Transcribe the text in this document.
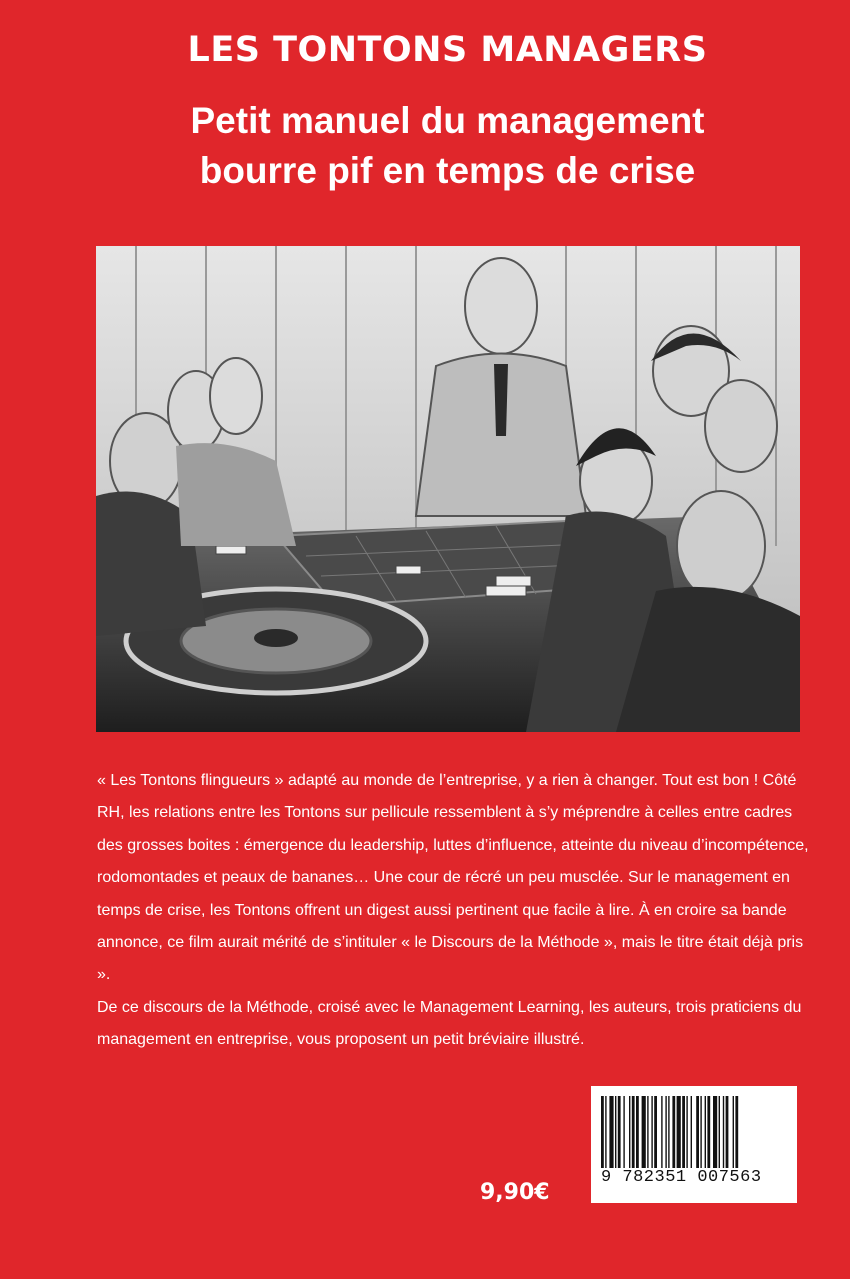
LES TONTONS MANAGERS
Petit manuel du management
bourre pif en temps de crise

« Les Tontons flingueurs » adapté au monde de l’entreprise, y a rien à changer. Tout est bon ! Côté RH, les relations entre les Tontons sur pellicule ressemblent à s’y méprendre à celles entre cadres des grosses boites : émergence du leadership, luttes d’influence, atteinte du niveau d’incompétence, rodomontades et peaux de bananes… Une cour de récré un peu musclée. Sur le management en temps de crise, les Tontons offrent un digest aussi pertinent que facile à lire. À en croire sa bande annonce, ce film aurait mérité de s’intituler « le Discours de la Méthode », mais le titre était déjà pris ».

De ce discours de la Méthode, croisé avec le Management Learning, les auteurs, trois praticiens du management en entreprise, vous proposent un petit bréviaire illustré.

9 782351 007563
9,90€
